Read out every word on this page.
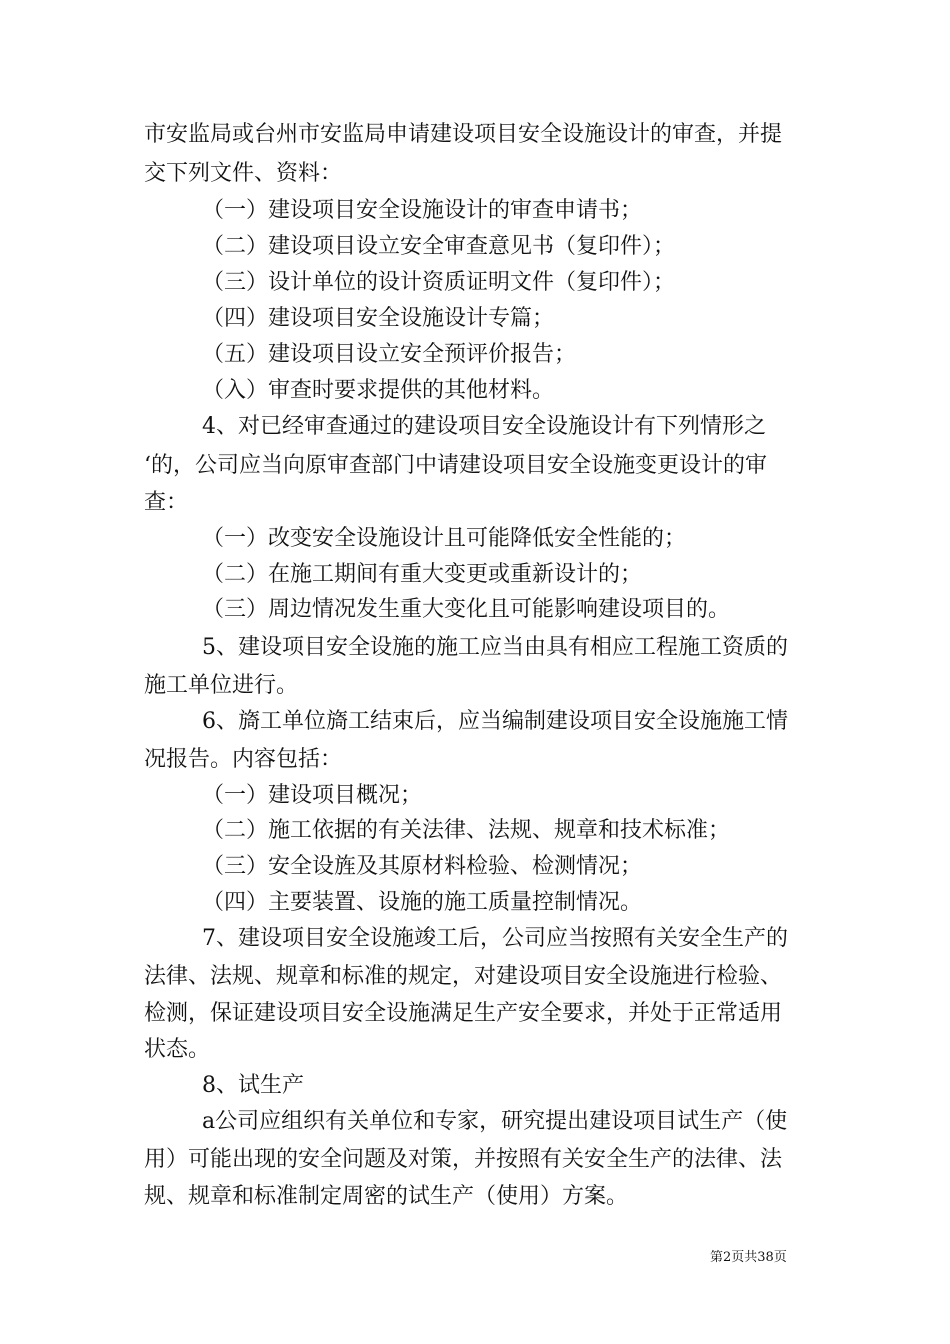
市安监局或台州市安监局申请建设项目安全设施设计的审查，并提
交下列文件、资料：
（一）建设项目安全设施设计的审查申请书；
（二）建设项目设立安全审查意见书（复印件）；
（三）设计单位的设计资质证明文件（复印件）；
（四）建设项目安全设施设计专篇；
（五）建设项目设立安全预评价报告；
（入）审查时要求提供的其他材料。
4、对已经审查通过的建设项目安全设施设计有下列情形之
‘的，公司应当向原审查部门中请建设项目安全设施变更设计的审
查：
（一）改变安全设施设计且可能降低安全性能的；
（二）在施工期间有重大变更或重新设计的；
（三）周边情况发生重大变化且可能影响建设项目的。
5、建设项目安全设施的施工应当由具有相应工程施工资质的
施工单位进行。
6、旖工单位旖工结束后，应当编制建设项目安全设施施工情
况报告。内容包括：
（一）建设项目概况；
（二）施工依据的有关法律、法规、规章和技术标准；
（三）安全设旌及其原材料检验、检测情况；
（四）主要装置、设施的施工质量控制情况。
7、建设项目安全设施竣工后，公司应当按照有关安全生产的
法律、法规、规章和标准的规定，对建设项目安全设施进行检验、
检测，保证建设项目安全设施满足生产安全要求，并处于正常适用
状态。
8、试生产
a公司应组织有关单位和专家，研究提出建设项目试生产（使
用）可能出现的安全问题及对策，并按照有关安全生产的法律、法
规、规章和标准制定周密的试生产（使用）方案。
第2页共38页
